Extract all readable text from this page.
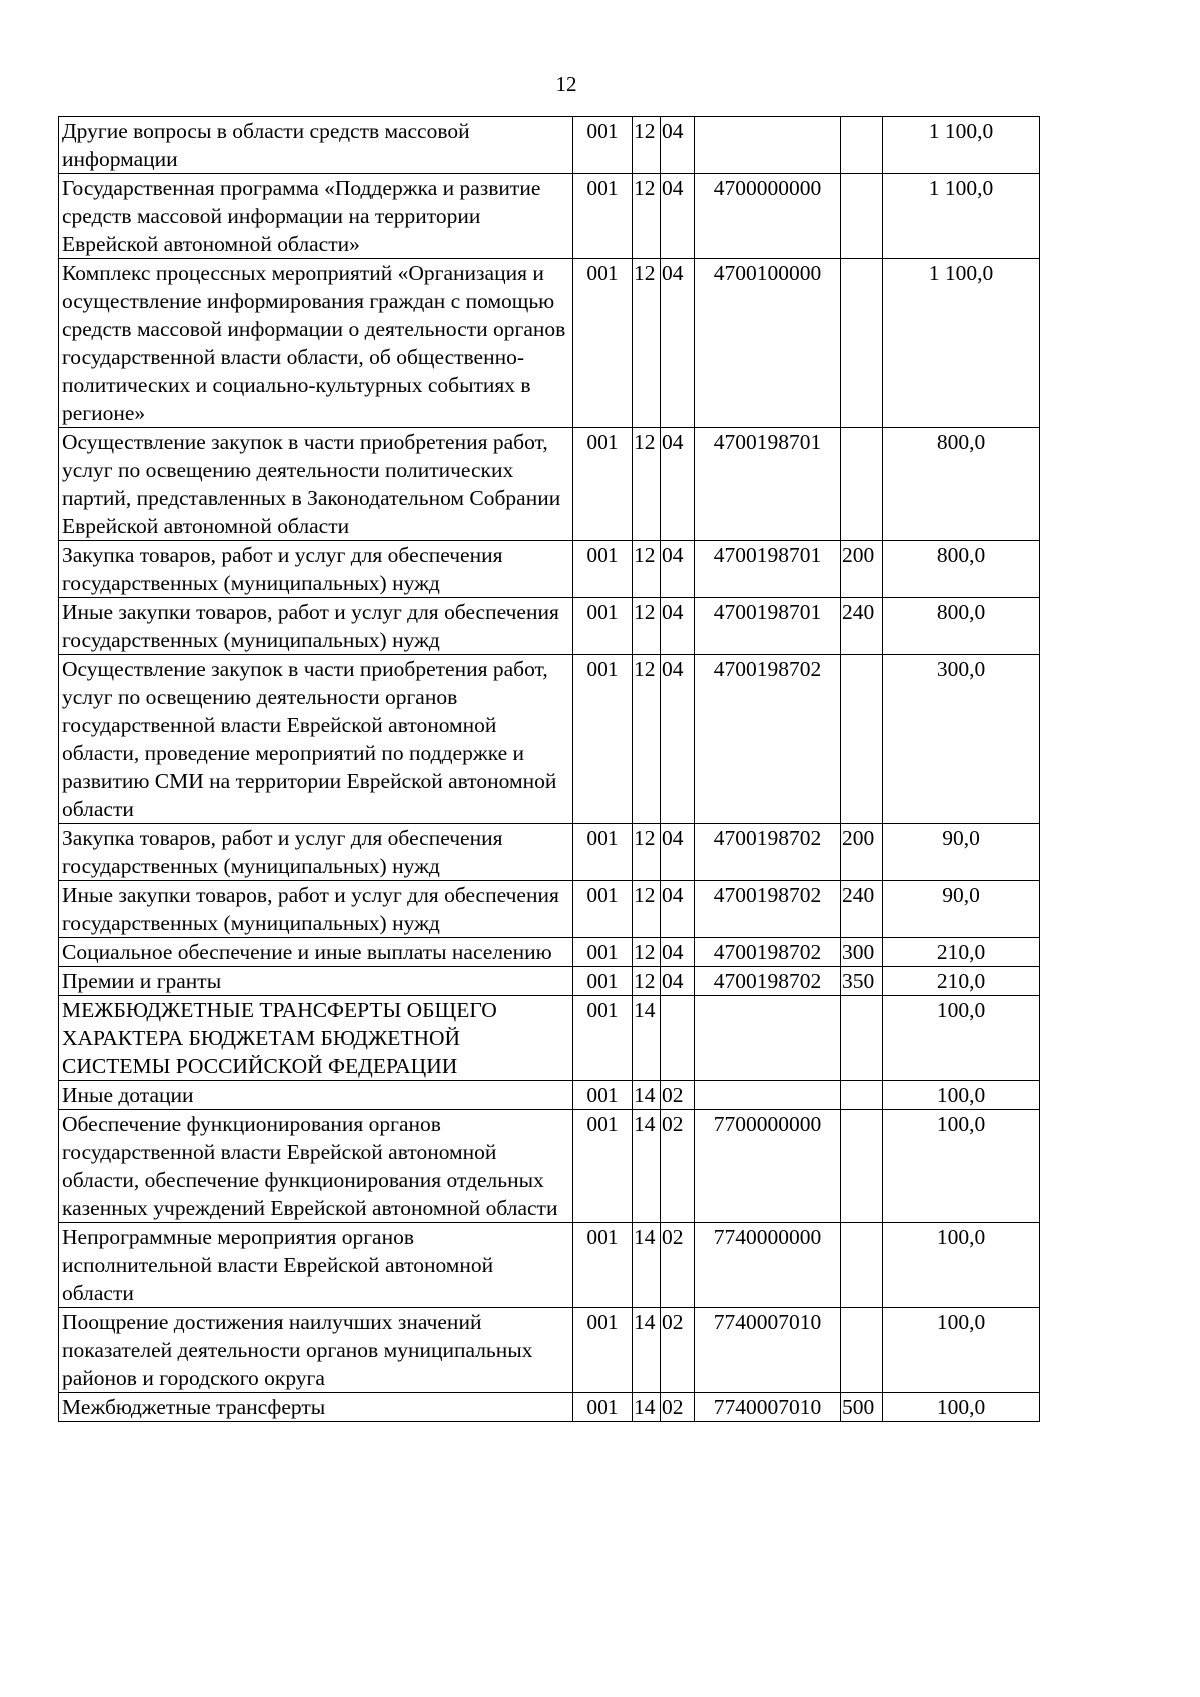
12
Другие вопросы в области средств массовой информации	001	12	04			1 100,0
Государственная программа «Поддержка и развитие средств массовой информации на территории Еврейской автономной области»	001	12	04	4700000000		1 100,0
Комплекс процессных мероприятий «Организация и осуществление информирования граждан с помощью средств массовой информации о деятельности органов государственной власти области, об общественно-политических и социально-культурных событиях в регионе»	001	12	04	4700100000		1 100,0
Осуществление закупок в части приобретения работ, услуг по освещению деятельности политических партий, представленных в Законодательном Собрании Еврейской автономной области	001	12	04	4700198701		800,0
Закупка товаров, работ и услуг для обеспечения государственных (муниципальных) нужд	001	12	04	4700198701	200	800,0
Иные закупки товаров, работ и услуг для обеспечения государственных (муниципальных) нужд	001	12	04	4700198701	240	800,0
Осуществление закупок в части приобретения работ, услуг по освещению деятельности органов государственной власти Еврейской автономной области, проведение мероприятий по поддержке и развитию СМИ на территории Еврейской автономной области	001	12	04	4700198702		300,0
Закупка товаров, работ и услуг для обеспечения государственных (муниципальных) нужд	001	12	04	4700198702	200	90,0
Иные закупки товаров, работ и услуг для обеспечения государственных (муниципальных) нужд	001	12	04	4700198702	240	90,0
Социальное обеспечение и иные выплаты населению	001	12	04	4700198702	300	210,0
Премии и гранты	001	12	04	4700198702	350	210,0
МЕЖБЮДЖЕТНЫЕ ТРАНСФЕРТЫ ОБЩЕГО ХАРАКТЕРА БЮДЖЕТАМ БЮДЖЕТНОЙ СИСТЕМЫ РОССИЙСКОЙ ФЕДЕРАЦИИ	001	14				100,0
Иные дотации	001	14	02			100,0
Обеспечение функционирования органов государственной власти Еврейской автономной области, обеспечение функционирования отдельных казенных учреждений Еврейской автономной области	001	14	02	7700000000		100,0
Непрограммные мероприятия органов исполнительной власти Еврейской автономной области	001	14	02	7740000000		100,0
Поощрение достижения наилучших значений показателей деятельности органов муниципальных районов и городского округа	001	14	02	7740007010		100,0
Межбюджетные трансферты	001	14	02	7740007010	500	100,0
